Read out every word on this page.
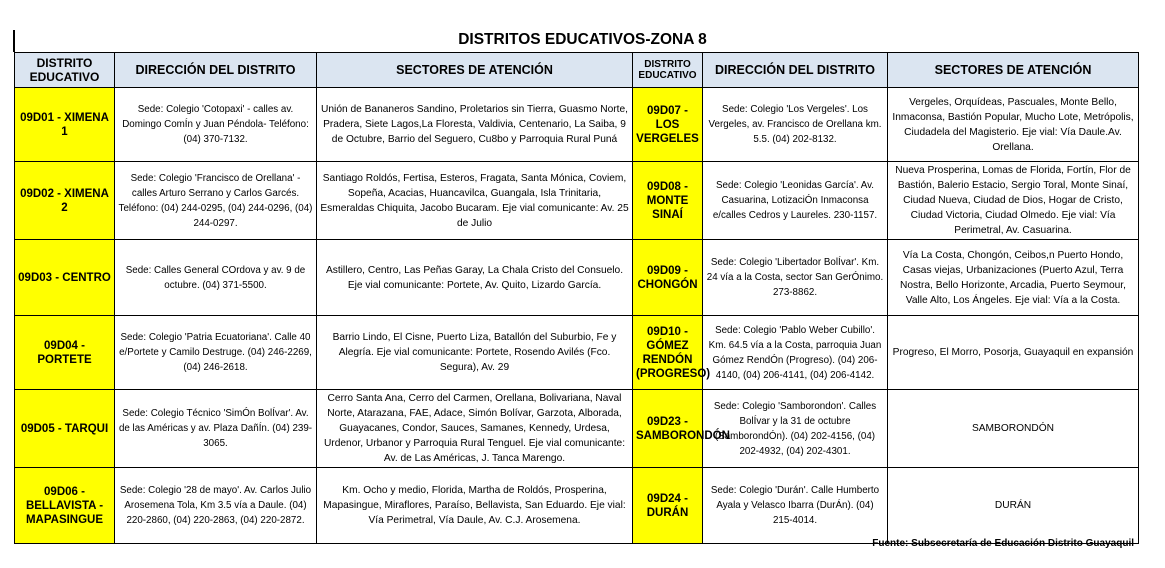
DISTRITOS EDUCATIVOS-ZONA 8
DISTRITO EDUCATIVO	DIRECCIÓN DEL DISTRITO	SECTORES DE ATENCIÓN	DISTRITO EDUCATIVO	DIRECCIÓN DEL DISTRITO	SECTORES DE ATENCIÓN
09D01 - XIMENA 1	Sede: Colegio 'Cotopaxi' - calles av. Domingo ComÍn y Juan Péndola- Teléfono: (04) 370-7132.	Unión de Bananeros Sandino, Proletarios sin Tierra, Guasmo Norte, Pradera, Siete Lagos,La Floresta, Valdivia, Centenario, La Saiba, 9 de Octubre, Barrio del Seguero, Cu8bo y Parroquia Rural Puná	09D07 - LOS VERGELES	Sede: Colegio 'Los Vergeles'. Los Vergeles, av. Francisco de Orellana km. 5.5. (04) 202-8132.	Vergeles, Orquídeas, Pascuales, Monte Bello, Inmaconsa, Bastión Popular, Mucho Lote, Metrópolis, Ciudadela del Magisterio. Eje vial: Vía Daule.Av. Orellana.
09D02 - XIMENA 2	Sede: Colegio 'Francisco de Orellana' - calles Arturo Serrano y Carlos Garcés. Teléfono: (04) 244-0295, (04) 244-0296, (04) 244-0297.	Santiago Roldós, Fertisa, Esteros, Fragata, Santa Mónica, Coviem, Sopeña, Acacias, Huancavilca, Guangala, Isla Trinitaria, Esmeraldas Chiquita, Jacobo Bucaram. Eje vial comunicante: Av. 25 de Julio	09D08 - MONTE SINAÍ	Sede: Colegio 'Leonidas García'. Av. Casuarina, LotizaciÓn Inmaconsa e/calles Cedros y Laureles. 230-1157.	Nueva Prosperina, Lomas de Florida, Fortín, Flor de Bastión, Balerio Estacio, Sergio Toral, Monte Sinaí, Ciudad Nueva, Ciudad de Dios, Hogar de Cristo, Ciudad Victoria, Ciudad Olmedo. Eje vial: Vía Perimetral, Av. Casuarina.
09D03 - CENTRO	Sede: Calles General COrdova y av. 9 de octubre. (04) 371-5500.	Astillero, Centro, Las Peñas Garay, La Chala Cristo del Consuelo. Eje vial comunicante: Portete, Av. Quito, Lizardo García.	09D09 - CHONGÓN	Sede: Colegio 'Libertador BolÍvar'. Km. 24 vía a la Costa, sector San GerÓnimo. 273-8862.	Vía La Costa, Chongón, Ceibos,n Puerto Hondo, Casas viejas, Urbanizaciones (Puerto Azul, Terra Nostra, Bello Horizonte, Arcadia, Puerto Seymour, Valle Alto, Los Ángeles. Eje vial: Vía a la Costa.
09D04 - PORTETE	Sede: Colegio 'Patria Ecuatoriana'. Calle 40 e/Portete y Camilo Destruge. (04) 246-2269, (04) 246-2618.	Barrio Lindo, El Cisne, Puerto Liza, Batallón del Suburbio, Fe y Alegría. Eje vial comunicante: Portete, Rosendo Avilés (Fco. Segura), Av. 29	09D10 - GÓMEZ RENDÓN (PROGRESO)	Sede: Colegio 'Pablo Weber Cubillo'. Km. 64.5 vía a la Costa, parroquia Juan Gómez RendÓn (Progreso). (04) 206-4140, (04) 206-4141, (04) 206-4142.	Progreso, El Morro, Posorja, Guayaquil en expansión
09D05 - TARQUI	Sede: Colegio Técnico 'SimÓn BolÍvar'. Av. de las Américas y av. Plaza DañÍn. (04) 239-3065.	Cerro Santa Ana, Cerro del Carmen, Orellana, Bolivariana, Naval Norte, Atarazana, FAE, Adace, Simón Bolívar, Garzota, Alborada, Guayacanes, Condor, Sauces, Samanes, Kennedy, Urdesa, Urdenor, Urbanor y Parroquia Rural Tenguel. Eje vial comunicante: Av. de Las Américas, J. Tanca Marengo.	09D23 - SAMBORONDÓN	Sede: Colegio 'Samborondon'. Calles BolÍvar y la 31 de octubre (SamborondÓn). (04) 202-4156, (04) 202-4932, (04) 202-4301.	SAMBORONDÓN
09D06 - BELLAVISTA - MAPASINGUE	Sede: Colegio '28 de mayo'. Av. Carlos Julio Arosemena Tola, Km 3.5 vía a Daule. (04) 220-2860, (04) 220-2863, (04) 220-2872.	Km. Ocho y medio, Florida, Martha de Roldós, Prosperina, Mapasingue, Miraflores, Paraíso, Bellavista, San Eduardo. Eje vial: Vía Perimetral, Vía Daule, Av. C.J. Arosemena.	09D24 - DURÁN	Sede: Colegio 'Durán'. Calle Humberto Ayala y Velasco Ibarra (DurÁn). (04) 215-4014.	DURÁN
Fuente: Subsecretaría de Educación Distrito Guayaquil
